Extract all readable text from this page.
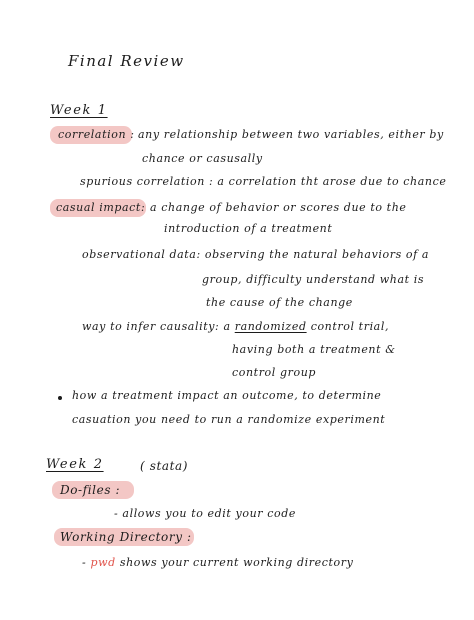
Final Review
Week 1
correlation : any relationship between two variables, either by
chance or casusally
spurious correlation : a correlation tht arose due to chance
casual impact: a change of behavior or scores due to the
introduction of a treatment
observational data: observing the natural behaviors of a
group, difficulty understand what is
the cause of the change
way to infer causality: a randomized control trial,
having both a treatment &
control group
how a treatment impact an outcome, to determine
casuation you need to run a randomize experiment
Week 2	( stata)
Do-files :
- allows you to edit your code
Working Directory :
- pwd shows your current working directory
